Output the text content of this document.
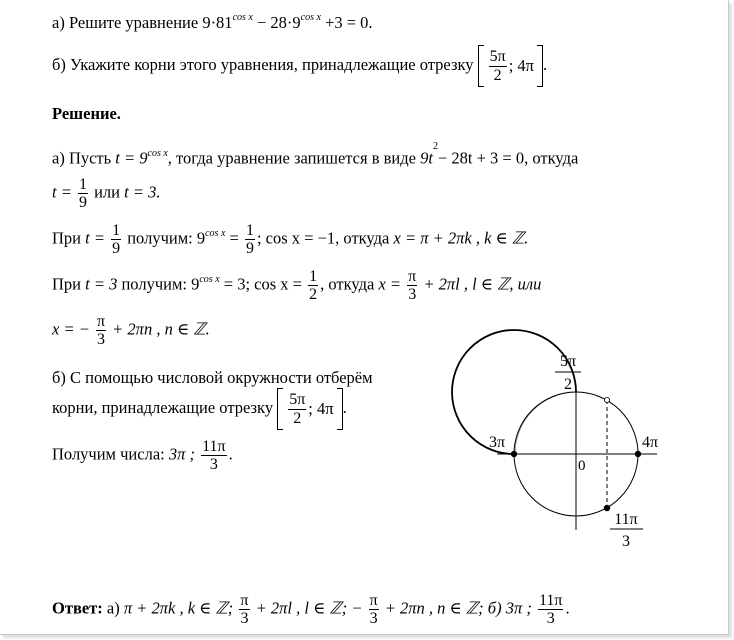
а) Решите уравнение $9\cdot 81^{cos x} - 28\cdot 9^{cos x} +3 = 0$.
б) Укажите корни этого уравнения, принадлежащие отрезку $\frac{5\pi}{2}$ ; 4π .
Решение.
а) Пусть $t = 9^{cos x}$, тогда уравнение запишется в виде $9t^2- 28t + 3 = 0$, откуда
$t = \frac{1}{9}$ или t = 3.
При $t = \frac{1}{9}$ получим: $9^{cos x} = \frac{1}{9}$ ; cos x = −1, откуда x = π + 2πk , k ∈ ℤ.
При t = 3 получим: $9^{cos x} = 3$; $\cos x = \frac{1}{2}$ , откуда $x = \frac{\pi}{3} + 2\pi l$ , l ∈ ℤ, или
x = − $\frac{\pi}{3} + 2\pi n$ , n ∈ ℤ.
б) С помощью числовой окружности отберём
корни, принадлежащие отрезку $\frac{5\pi}{2}$ ; 4π .
Получим числа: 3π ; $\frac{11\pi}{3}$ .
0
3π	4π
5π
2
11π
3
Ответ: а) π + 2πk , k ∈ ℤ; $\frac{\pi}{3} + 2\pi l$ , l ∈ ℤ; − $\frac{\pi}{3} + 2\pi n$ , n ∈ ℤ; б) 3π ; $\frac{11\pi}{3}$ .
